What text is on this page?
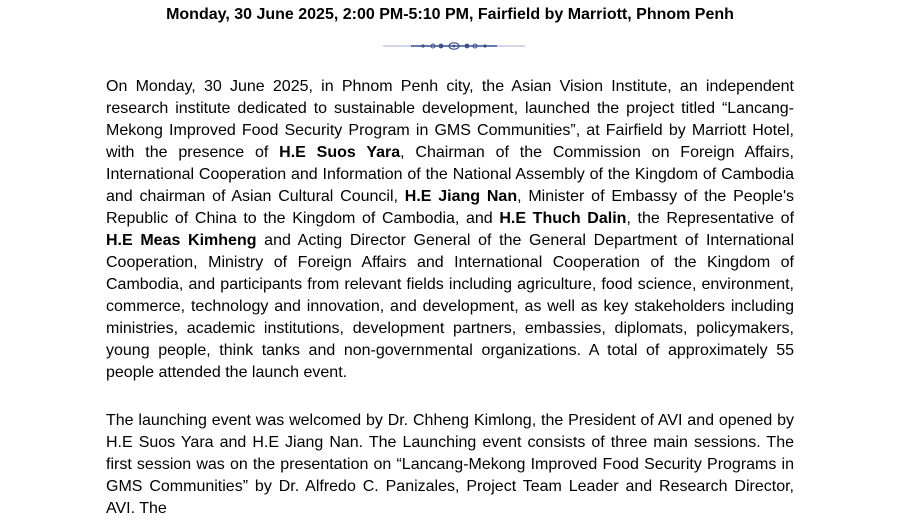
Monday, 30 June 2025, 2:00 PM-5:10 PM, Fairfield by Marriott, Phnom Penh

On Monday, 30 June 2025, in Phnom Penh city, the Asian Vision Institute, an independent research institute dedicated to sustainable development, launched the project titled “Lancang-Mekong Improved Food Security Program in GMS Communities”, at Fairfield by Marriott Hotel, with the presence of H.E Suos Yara, Chairman of the Commission on Foreign Affairs, International Cooperation and Information of the National Assembly of the Kingdom of Cambodia and chairman of Asian Cultural Council, H.E Jiang Nan, Minister of Embassy of the People's Republic of China to the Kingdom of Cambodia, and H.E Thuch Dalin, the Representative of H.E Meas Kimheng and Acting Director General of the General Department of International Cooperation, Ministry of Foreign Affairs and International Cooperation of the Kingdom of Cambodia, and participants from relevant fields including agriculture, food science, environment, commerce, technology and innovation, and development, as well as key stakeholders including ministries, academic institutions, development partners, embassies, diplomats, policymakers, young people, think tanks and non-governmental organizations. A total of approximately 55 people attended the launch event.

The launching event was welcomed by Dr. Chheng Kimlong, the President of AVI and opened by H.E Suos Yara and H.E Jiang Nan. The Launching event consists of three main sessions. The first session was on the presentation on “Lancang-Mekong Improved Food Security Programs in GMS Communities” by Dr. Alfredo C. Panizales, Project Team Leader and Research Director, AVI. The
